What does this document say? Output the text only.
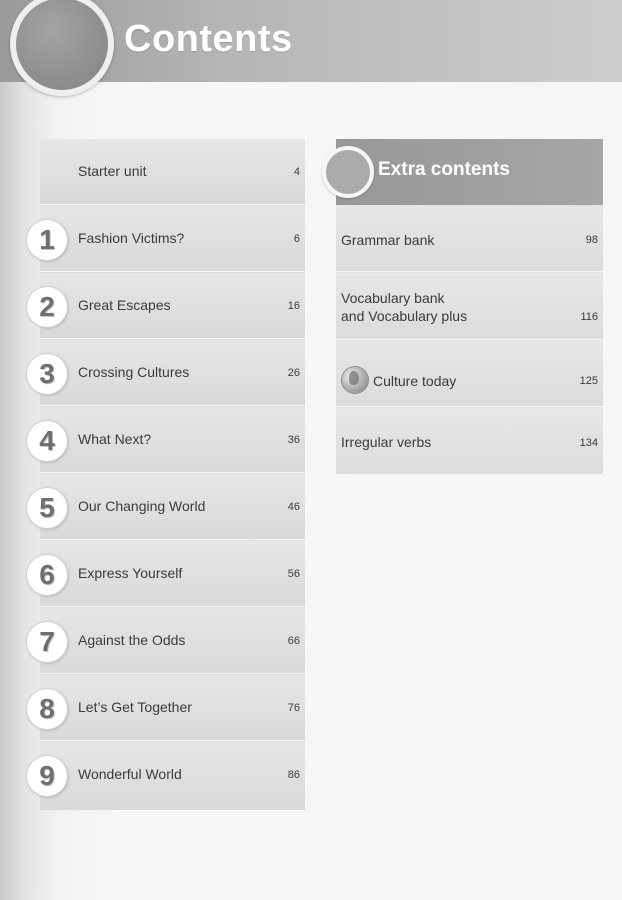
Contents
Starter unit	4
1	Fashion Victims?	6
2	Great Escapes	16
3	Crossing Cultures	26
4	What Next?	36
5	Our Changing World	46
6	Express Yourself	56
7	Against the Odds	66
8	Let’s Get Together	76
9	Wonderful World	86
Extra contents
Grammar bank	98
Vocabulary bank
and Vocabulary plus	116
Culture today	125
Irregular verbs	134
